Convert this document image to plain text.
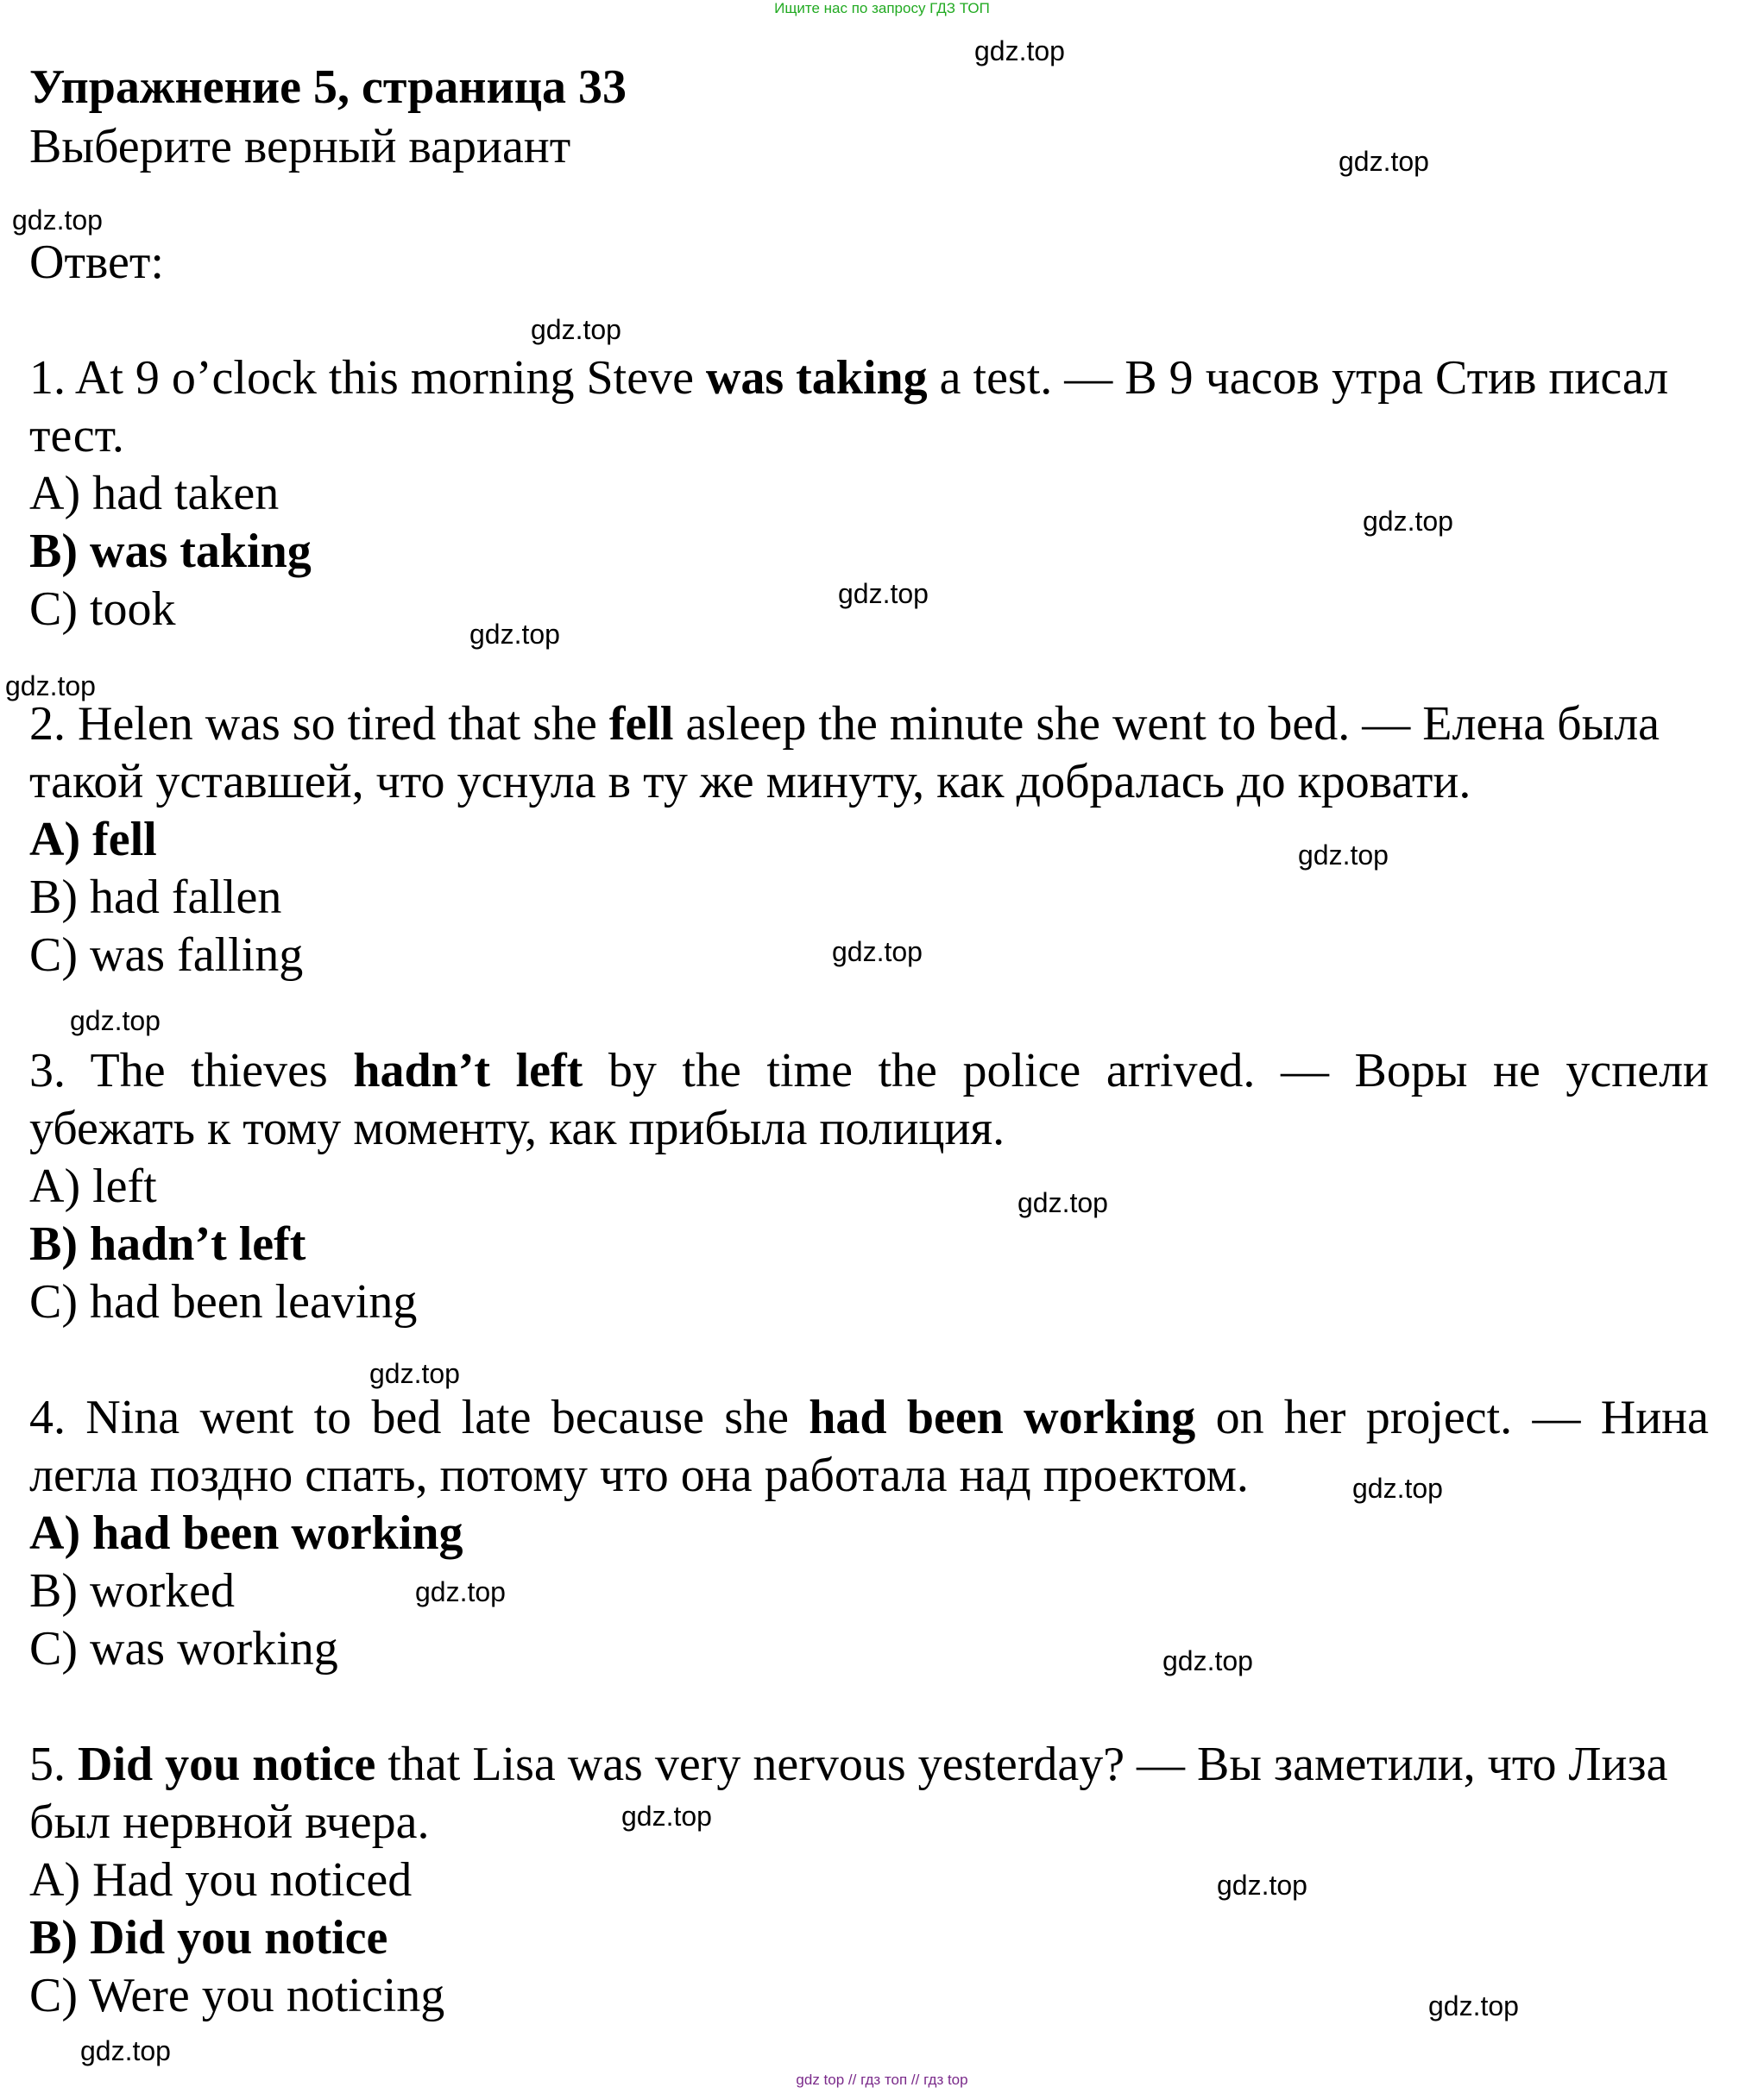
Ищите нас по запросу ГДЗ ТОП
Упражнение 5, страница 33
Выберите верный вариант
Ответ:
1. At 9 o’clock this morning Steve was taking a test. — В 9 часов утра Стив писал
тест.
A) had taken
B) was taking
C) took
2. Helen was so tired that she fell asleep the minute she went to bed. — Елена была
такой уставшей, что уснула в ту же минуту, как добралась до кровати.
A) fell
B) had fallen
C) was falling
3. The thieves hadn’t left by the time the police arrived. — Воры не успели
убежать к тому моменту, как прибыла полиция.
A) left
B) hadn’t left
C) had been leaving
4. Nina went to bed late because she had been working on her project. — Нина
легла поздно спать, потому что она работала над проектом.
A) had been working
B) worked
C) was working
5. Did you notice that Lisa was very nervous yesterday? — Вы заметили, что Лиза
был нервной вчера.
A) Had you noticed
B) Did you notice
C) Were you noticing
gdz.top
gdz.top
gdz.top
gdz.top
gdz.top
gdz.top
gdz.top
gdz.top
gdz.top
gdz.top
gdz.top
gdz.top
gdz.top
gdz.top
gdz.top
gdz.top
gdz.top
gdz.top
gdz.top
gdz.top
gdz top // гдз топ // гдз top
